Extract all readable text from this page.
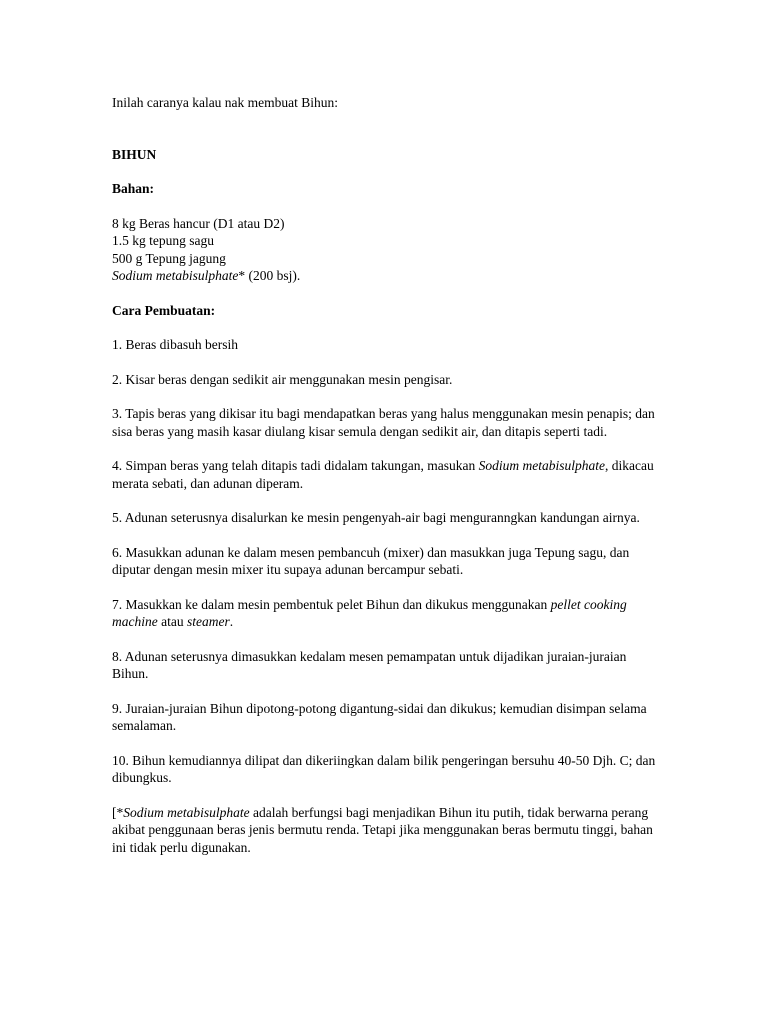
Inilah caranya kalau nak membuat Bihun:

BIHUN

Bahan:

8 kg Beras hancur (D1 atau D2)
1.5 kg tepung sagu
500 g Tepung jagung
Sodium metabisulphate* (200 bsj).

Cara Pembuatan:

1. Beras dibasuh bersih

2. Kisar beras dengan sedikit air menggunakan mesin pengisar.

3. Tapis beras yang dikisar itu bagi mendapatkan beras yang halus menggunakan mesin penapis; dan sisa beras yang masih kasar diulang kisar semula dengan sedikit air, dan ditapis seperti tadi.

4. Simpan beras yang telah ditapis tadi didalam takungan, masukan Sodium metabisulphate, dikacau merata sebati, dan adunan diperam.

5. Adunan seterusnya disalurkan ke mesin pengenyah-air bagi menguranngkan kandungan airnya.

6. Masukkan adunan ke dalam mesen pembancuh (mixer) dan masukkan juga Tepung sagu, dan diputar dengan mesin mixer itu supaya adunan bercampur sebati.

7. Masukkan ke dalam mesin pembentuk pelet Bihun dan dikukus menggunakan pellet cooking machine atau steamer.

8. Adunan seterusnya dimasukkan kedalam mesen pemampatan untuk dijadikan juraian-juraian Bihun.

9. Juraian-juraian Bihun dipotong-potong digantung-sidai dan dikukus; kemudian disimpan selama semalaman.

10. Bihun kemudiannya dilipat dan dikeriingkan dalam bilik pengeringan bersuhu 40-50 Djh. C; dan dibungkus.

[*Sodium metabisulphate adalah berfungsi bagi menjadikan Bihun itu putih, tidak berwarna perang akibat penggunaan beras jenis bermutu renda. Tetapi jika menggunakan beras bermutu tinggi, bahan ini tidak perlu digunakan.
